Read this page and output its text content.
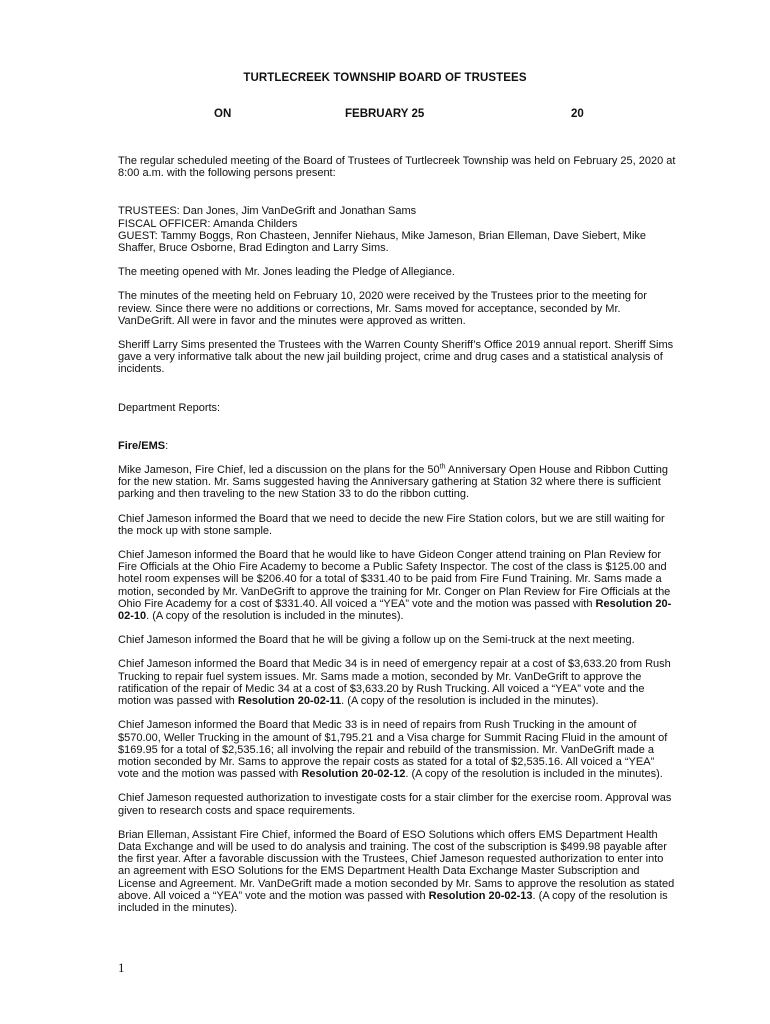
TURTLECREEK TOWNSHIP BOARD OF TRUSTEES
ON	FEBRUARY 25	20

The regular scheduled meeting of the Board of Trustees of Turtlecreek Township was held on February 25, 2020 at 8:00 a.m. with the following persons present:

TRUSTEES: Dan Jones, Jim VanDeGrift and Jonathan Sams

FISCAL OFFICER: Amanda Childers

GUEST: Tammy Boggs, Ron Chasteen, Jennifer Niehaus, Mike Jameson, Brian Elleman, Dave Siebert, Mike Shaffer, Bruce Osborne, Brad Edington and Larry Sims.

The meeting opened with Mr. Jones leading the Pledge of Allegiance.

The minutes of the meeting held on February 10, 2020 were received by the Trustees prior to the meeting for review. Since there were no additions or corrections, Mr. Sams moved for acceptance, seconded by Mr. VanDeGrift. All were in favor and the minutes were approved as written.

Sheriff Larry Sims presented the Trustees with the Warren County Sheriff’s Office 2019 annual report. Sheriff Sims gave a very informative talk about the new jail building project, crime and drug cases and a statistical analysis of incidents.

Department Reports:

Fire/EMS:

Mike Jameson, Fire Chief, led a discussion on the plans for the 50th Anniversary Open House and Ribbon Cutting for the new station. Mr. Sams suggested having the Anniversary gathering at Station 32 where there is sufficient parking and then traveling to the new Station 33 to do the ribbon cutting.

Chief Jameson informed the Board that we need to decide the new Fire Station colors, but we are still waiting for the mock up with stone sample.

Chief Jameson informed the Board that he would like to have Gideon Conger attend training on Plan Review for Fire Officials at the Ohio Fire Academy to become a Public Safety Inspector. The cost of the class is $125.00 and hotel room expenses will be $206.40 for a total of $331.40 to be paid from Fire Fund Training. Mr. Sams made a motion, seconded by Mr. VanDeGrift to approve the training for Mr. Conger on Plan Review for Fire Officials at the Ohio Fire Academy for a cost of $331.40. All voiced a “YEA” vote and the motion was passed with Resolution 20-02-10. (A copy of the resolution is included in the minutes).

Chief Jameson informed the Board that he will be giving a follow up on the Semi-truck at the next meeting.

Chief Jameson informed the Board that Medic 34 is in need of emergency repair at a cost of $3,633.20 from Rush Trucking to repair fuel system issues. Mr. Sams made a motion, seconded by Mr. VanDeGrift to approve the ratification of the repair of Medic 34 at a cost of $3,633.20 by Rush Trucking. All voiced a “YEA” vote and the motion was passed with Resolution 20-02-11. (A copy of the resolution is included in the minutes).

Chief Jameson informed the Board that Medic 33 is in need of repairs from Rush Trucking in the amount of $570.00, Weller Trucking in the amount of $1,795.21 and a Visa charge for Summit Racing Fluid in the amount of $169.95 for a total of $2,535.16; all involving the repair and rebuild of the transmission. Mr. VanDeGrift made a motion seconded by Mr. Sams to approve the repair costs as stated for a total of $2,535.16. All voiced a “YEA” vote and the motion was passed with Resolution 20-02-12. (A copy of the resolution is included in the minutes).

Chief Jameson requested authorization to investigate costs for a stair climber for the exercise room. Approval was given to research costs and space requirements.

Brian Elleman, Assistant Fire Chief, informed the Board of ESO Solutions which offers EMS Department Health Data Exchange and will be used to do analysis and training. The cost of the subscription is $499.98 payable after the first year. After a favorable discussion with the Trustees, Chief Jameson requested authorization to enter into an agreement with ESO Solutions for the EMS Department Health Data Exchange Master Subscription and License and Agreement. Mr. VanDeGrift made a motion seconded by Mr. Sams to approve the resolution as stated above. All voiced a “YEA” vote and the motion was passed with Resolution 20-02-13. (A copy of the resolution is included in the minutes).

1
